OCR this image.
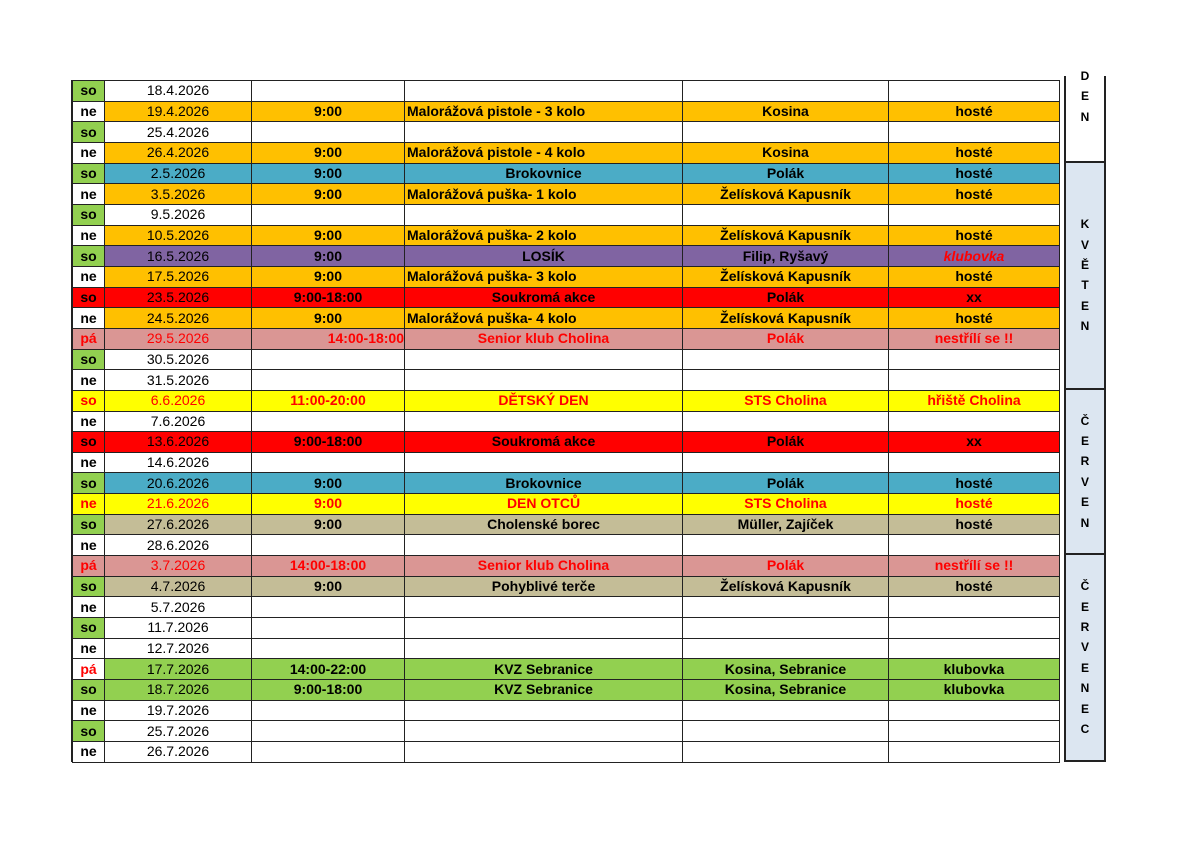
so	18.4.2026				
ne	19.4.2026	9:00	Malorážová pistole - 3 kolo	Kosina	hosté
so	25.4.2026				
ne	26.4.2026	9:00	Malorážová pistole - 4 kolo	Kosina	hosté
so	2.5.2026	9:00	Brokovnice	Polák	hosté
ne	3.5.2026	9:00	Malorážová puška- 1 kolo	Želísková Kapusník	hosté
so	9.5.2026				
ne	10.5.2026	9:00	Malorážová puška- 2 kolo	Želísková Kapusník	hosté
so	16.5.2026	9:00	LOSÍK	Filip, Ryšavý	klubovka
ne	17.5.2026	9:00	Malorážová puška- 3 kolo	Želísková Kapusník	hosté
so	23.5.2026	9:00-18:00	Soukromá akce	Polák	xx
ne	24.5.2026	9:00	Malorážová puška- 4 kolo	Želísková Kapusník	hosté
pá	29.5.2026	14:00-18:00	Senior klub Cholina	Polák	nestřílí se !!
so	30.5.2026				
ne	31.5.2026				
so	6.6.2026	11:00-20:00	DĚTSKÝ DEN	STS Cholina	hřiště Cholina
ne	7.6.2026				
so	13.6.2026	9:00-18:00	Soukromá akce	Polák	xx
ne	14.6.2026				
so	20.6.2026	9:00	Brokovnice	Polák	hosté
ne	21.6.2026	9:00	DEN OTCŮ	STS Cholina	hosté
so	27.6.2026	9:00	Cholenské borec	Müller, Zajíček	hosté
ne	28.6.2026				
pá	3.7.2026	14:00-18:00	Senior klub Cholina	Polák	nestřílí se !!
so	4.7.2026	9:00	Pohyblivé terče	Želísková Kapusník	hosté
ne	5.7.2026				
so	11.7.2026				
ne	12.7.2026				
pá	17.7.2026	14:00-22:00	KVZ Sebranice	Kosina, Sebranice	klubovka
so	18.7.2026	9:00-18:00	KVZ Sebranice	Kosina, Sebranice	klubovka
ne	19.7.2026				
so	25.7.2026				
ne	26.7.2026				
D
E
N
K
V
Ě
T
E
N
Č
E
R
V
E
N
Č
E
R
V
E
N
E
C
